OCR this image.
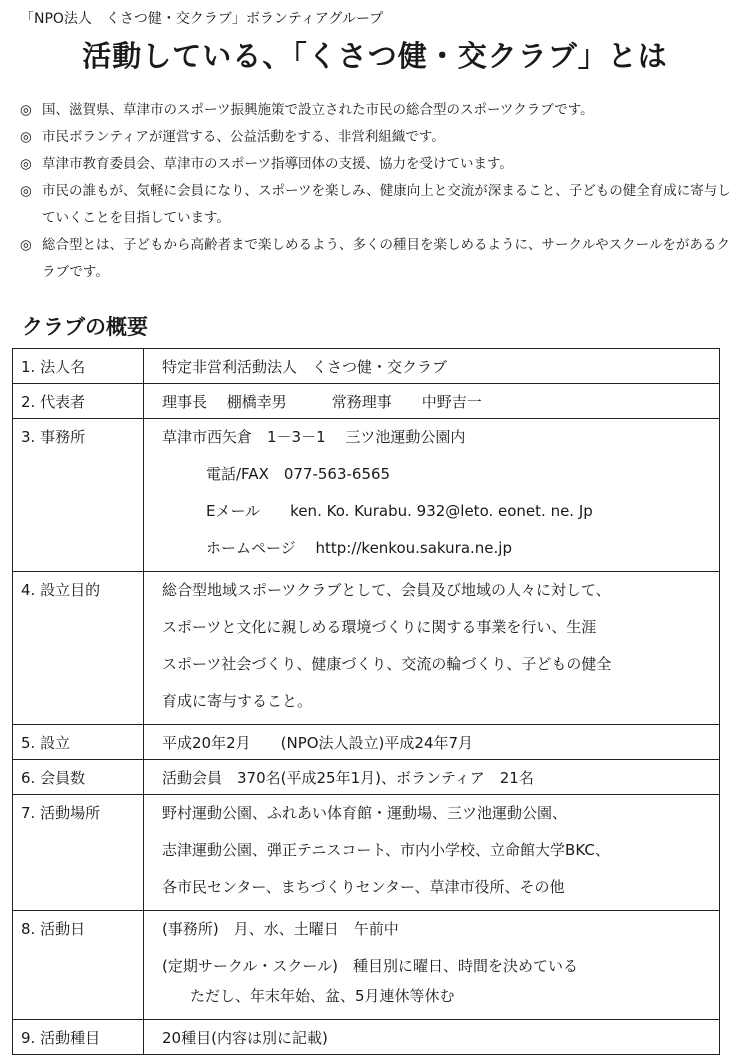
「NPO法人　くさつ健・交クラブ」ボランティアグループ
活動している、「くさつ健・交クラブ」とは
◎ 国、滋賀県、草津市のスポーツ振興施策で設立された市民の総合型のスポーツクラブです。
◎ 市民ボランティアが運営する、公益活動をする、非営利組織です。
◎ 草津市教育委員会、草津市のスポーツ指導団体の支援、協力を受けています。
◎ 市民の誰もが、気軽に会員になり、スポーツを楽しみ、健康向上と交流が深まること、子どもの健全育成に寄与していくことを目指しています。
◎ 総合型とは、子どもから高齢者まで楽しめるよう、多くの種目を楽しめるように、サークルやスクールをがあるクラブです。
クラブの概要
1. 法人名	特定非営利活動法人　くさつ健・交クラブ

2. 代表者	理事長　 棚橋幸男　　　常務理事　　中野吉一

3. 事務所	草津市西矢倉　1－3－1　 三ツ池運動公園内
電話/FAX　077-563-6565
Eメール　　ken. Ko. Kurabu. 932@leto. eonet. ne. Jp
ホームページ　 http://kenkou.sakura.ne.jp

4. 設立目的	総合型地域スポーツクラブとして、会員及び地域の人々に対して、
スポーツと文化に親しめる環境づくりに関する事業を行い、生涯
スポーツ社会づくり、健康づくり、交流の輪づくり、子どもの健全
育成に寄与すること。

5. 設立	平成20年2月　　(NPO法人設立)平成24年7月

6. 会員数	活動会員　370名(平成25年1月)、ボランティア　21名

7. 活動場所	野村運動公園、ふれあい体育館・運動場、三ツ池運動公園、
志津運動公園、弾正テニスコート、市内小学校、立命館大学BKC、
各市民センター、まちづくりセンター、草津市役所、その他

8. 活動日	(事務所)　月、水、土曜日　午前中
(定期サークル・スクール)　種目別に曜日、時間を決めている
ただし、年末年始、盆、5月連休等休む

9. 活動種目	20種目(内容は別に記載)
